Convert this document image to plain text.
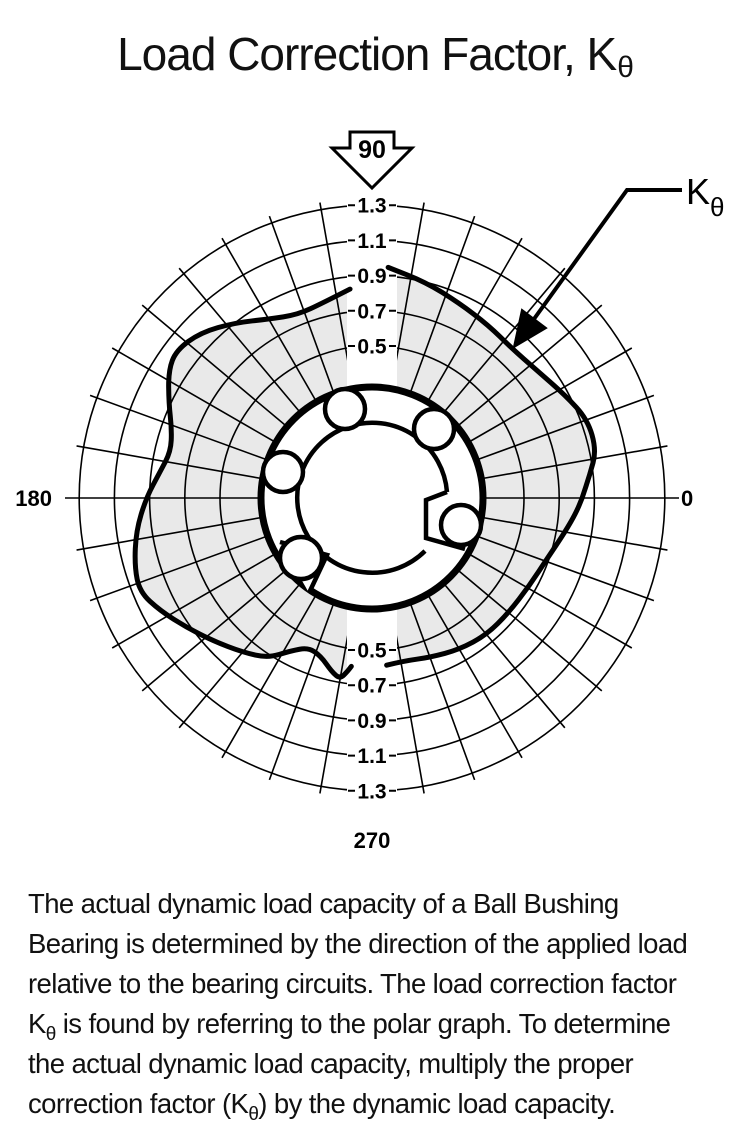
Load Correction Factor, K θ
0.5
0.7
0.9
1.1
1.3
0.5
0.7
0.9
1.1
1.3
90
$K_\theta$
0
180
270
The actual dynamic load capacity of a Ball Bushing
Bearing is determined by the direction of the applied load
relative to the bearing circuits. The load correction factor
$K_\theta$ is found by referring to the polar graph. To determine
the actual dynamic load capacity, multiply the proper
correction factor $(K_\theta)$ by the dynamic load capacity.
